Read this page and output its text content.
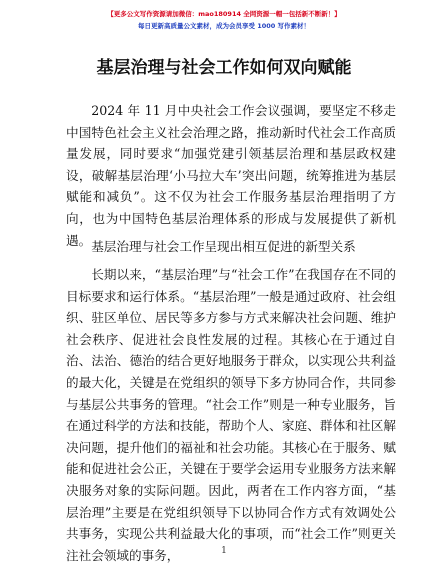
【更多公文写作资源请加微信：mao180914 全网资源一帽一包括新不断新！】
每日更新高质量公文素材，成为会员享受 1000 写作素材！
基层治理与社会工作如何双向赋能

2024 年 11 月中央社会工作会议强调，要坚定不移走中国特色社会主义社会治理之路，推动新时代社会工作高质量发展，同时要求“加强党建引领基层治理和基层政权建设，破解基层治理‘小马拉大车’突出问题，统筹推进为基层赋能和减负”。这不仅为社会工作服务基层治理指明了方向，也为中国特色基层治理体系的形成与发展提供了新机遇。 基层治理与社会工作呈现出相互促进的新型关系

长期以来，“基层治理”与“社会工作”在我国存在不同的目标要求和运行体系。“基层治理”一般是通过政府、社会组织、驻区单位、居民等多方参与方式来解决社会问题、维护社会秩序、促进社会良性发展的过程。其核心在于通过自治、法治、德治的结合更好地服务于群众，以实现公共利益的最大化，关键是在党组织的领导下多方协同合作，共同参与基层公共事务的管理。“社会工作”则是一种专业服务，旨在通过科学的方法和技能，帮助个人、家庭、群体和社区解决问题，提升他们的福祉和社会功能。其核心在于服务、赋能和促进社会公正，关键在于要学会运用专业服务方法来解决服务对象的实际问题。因此，两者在工作内容方面，“基层治理”主要是在党组织领导下以协同合作方式有效调处公共事务，实现公共利益最大化的事项，而“社会工作”则更关注社会领域的事务，	1
